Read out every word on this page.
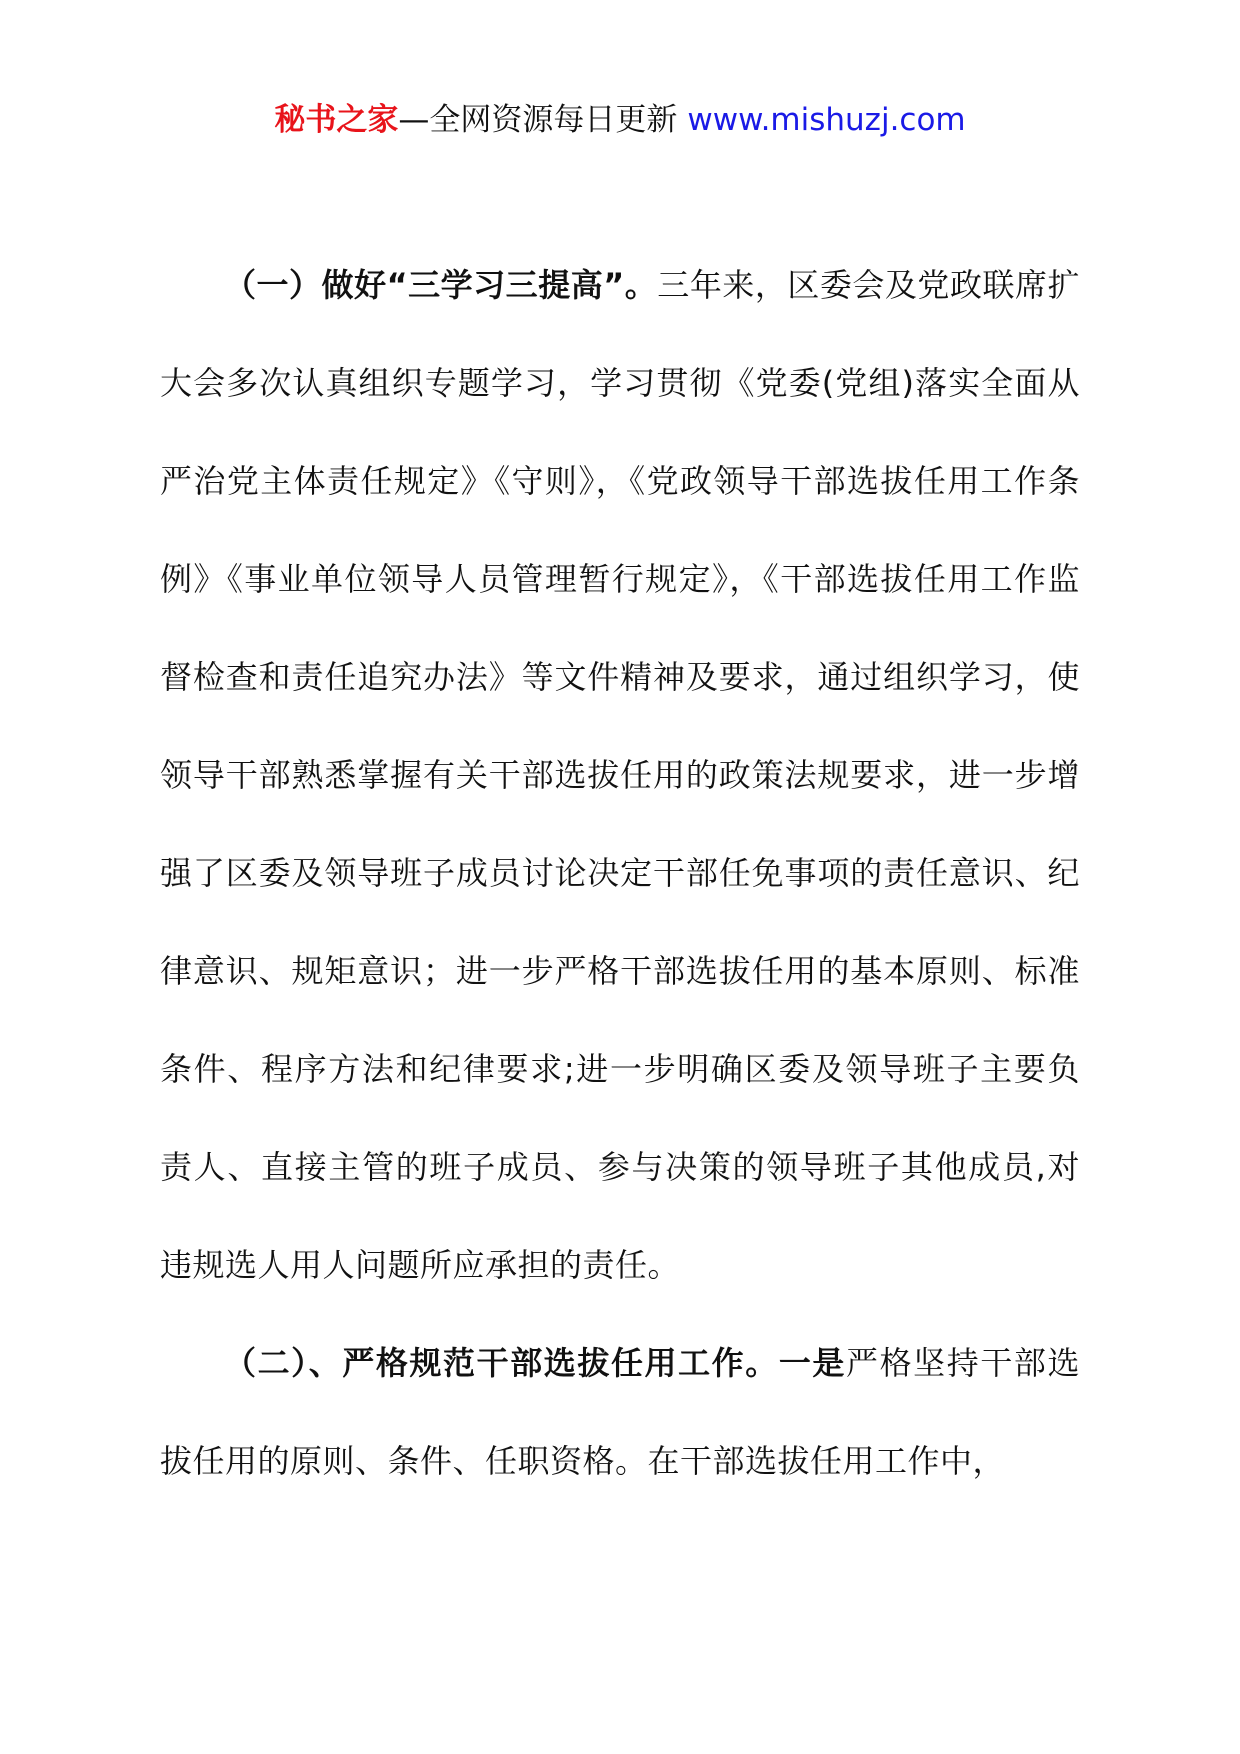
秘书之家—全网资源每日更新 www.mishuzj.com

（一）做好“三学习三提高”。三年来，区委会及党政联席扩大会多次认真组织专题学习，学习贯彻《党委(党组)落实全面从严治党主体责任规定》《守则》，《党政领导干部选拔任用工作条例》《事业单位领导人员管理暂行规定》，《干部选拔任用工作监督检查和责任追究办法》等文件精神及要求，通过组织学习，使领导干部熟悉掌握有关干部选拔任用的政策法规要求，进一步增强了区委及领导班子成员讨论决定干部任免事项的责任意识、纪律意识、规矩意识；进一步严格干部选拔任用的基本原则、标准条件、程序方法和纪律要求;进一步明确区委及领导班子主要负责人、直接主管的班子成员、参与决策的领导班子其他成员,对违规选人用人问题所应承担的责任。

（二）、严格规范干部选拔任用工作。一是严格坚持干部选拔任用的原则、条件、任职资格。在干部选拔任用工作中，
